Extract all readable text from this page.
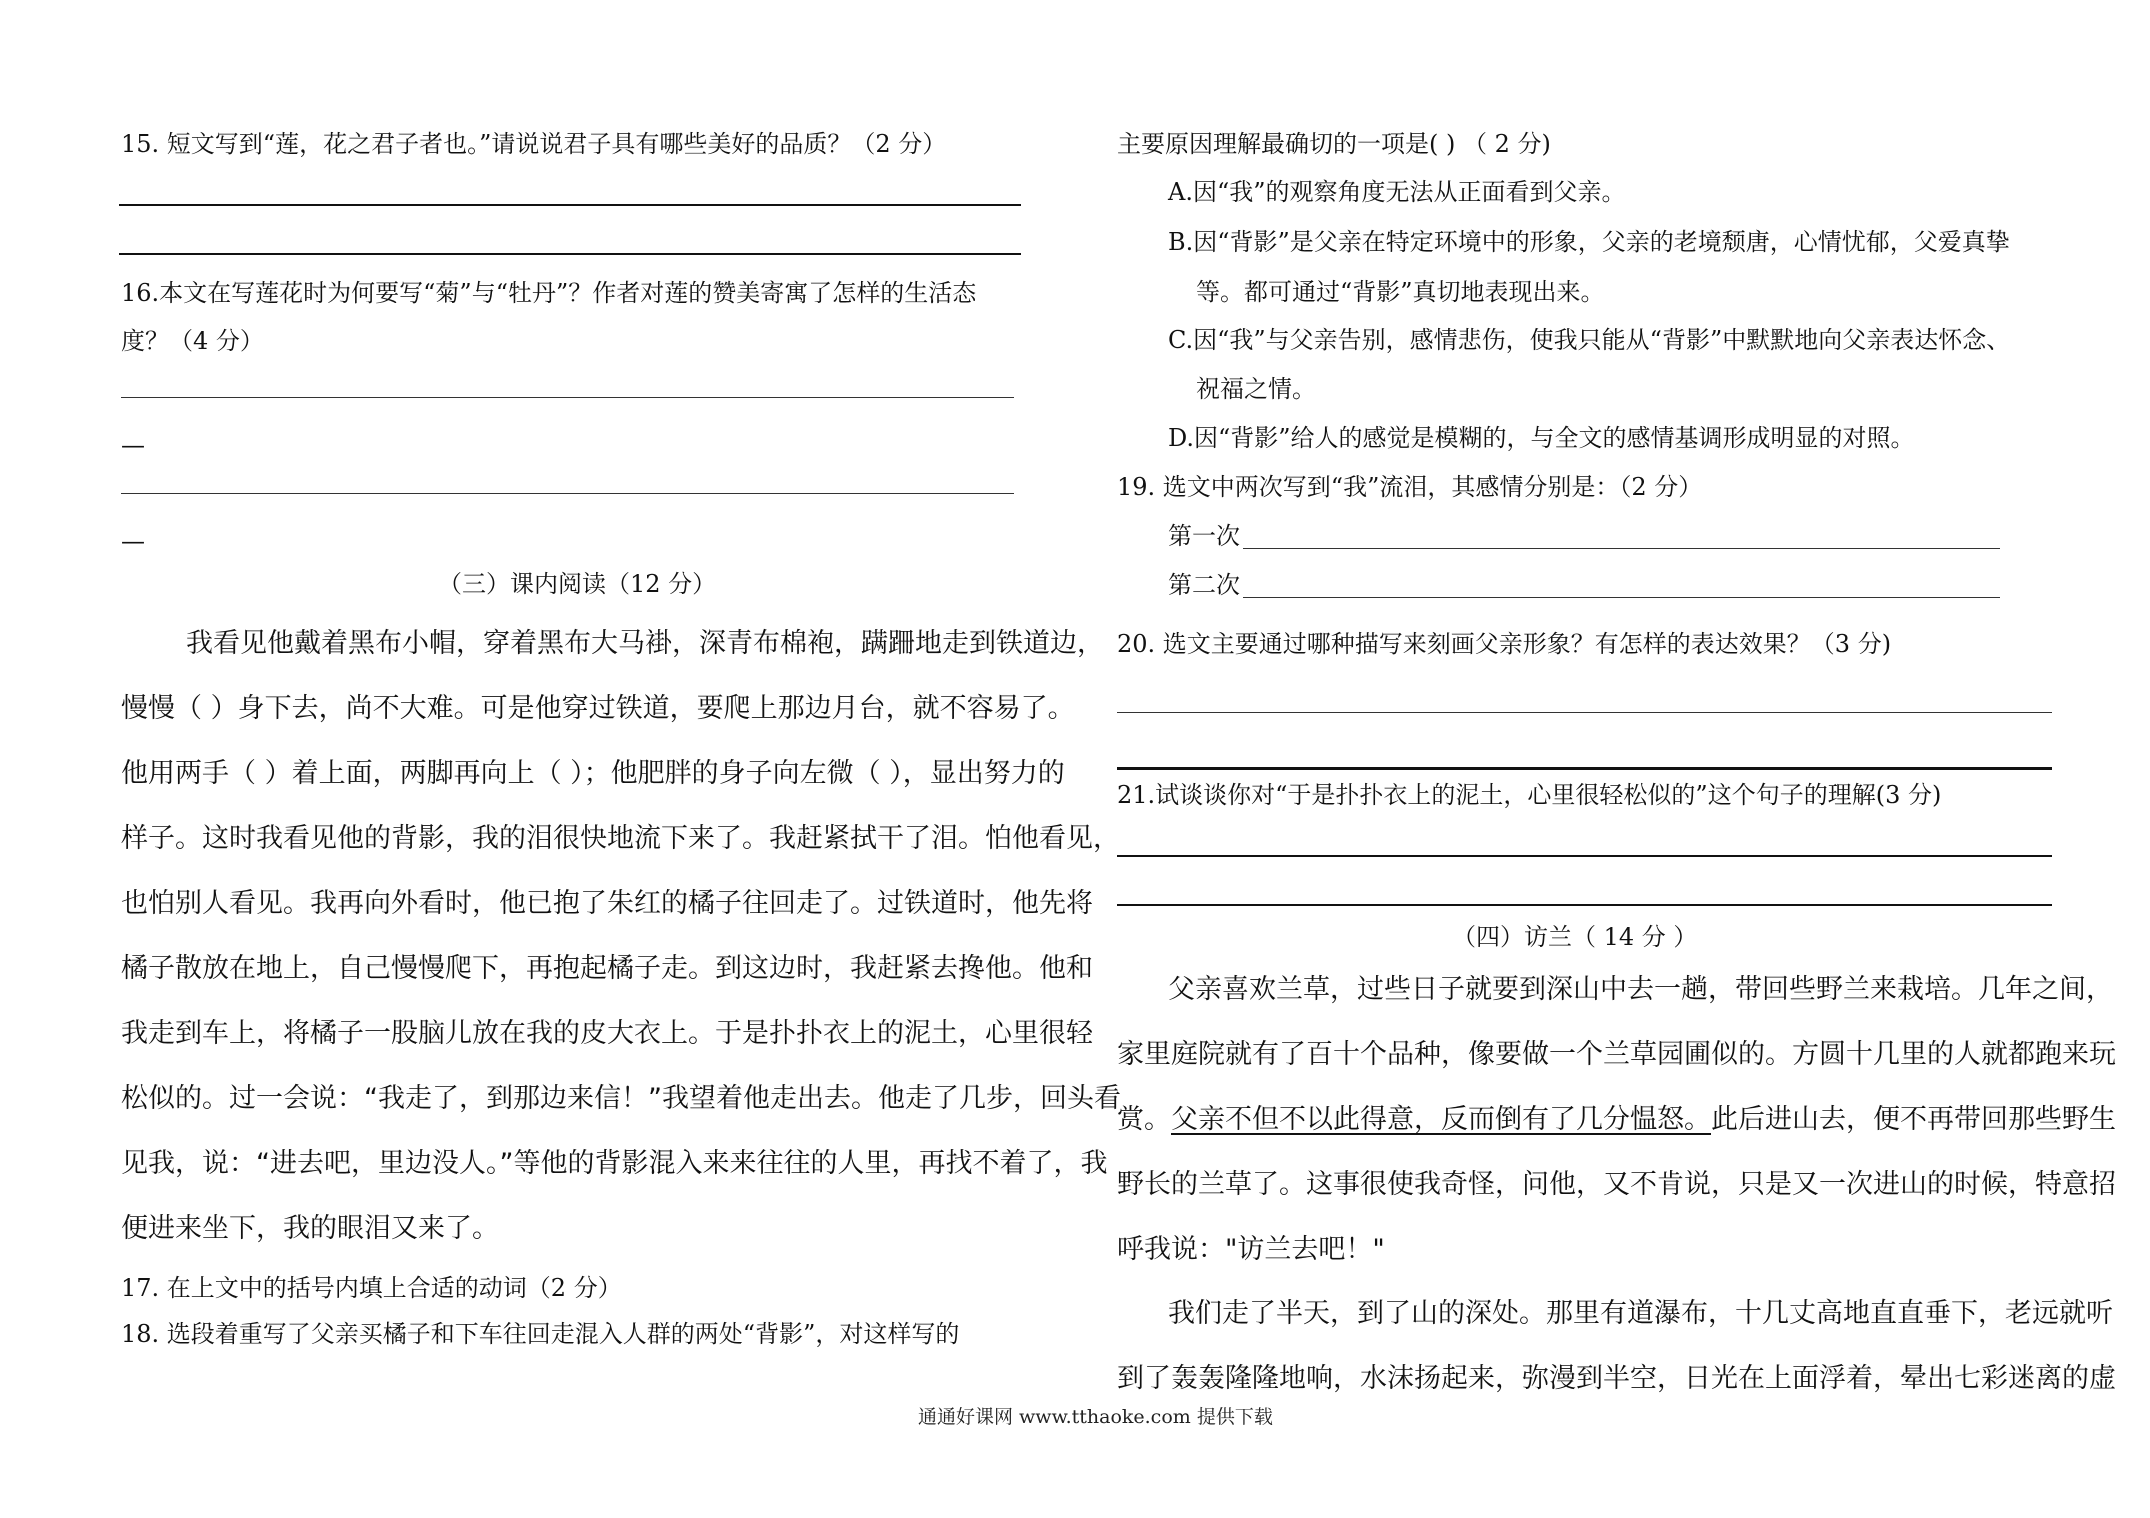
15. 短文写到“莲，花之君子者也。”请说说君子具有哪些美好的品质？（2 分）
16.本文在写莲花时为何要写“菊”与“牡丹”？作者对莲的赞美寄寓了怎样的生活态
度？（4 分）
—
—
（三）课内阅读（12 分）
我看见他戴着黑布小帽，穿着黑布大马褂，深青布棉袍，蹒跚地走到铁道边，
慢慢（ ）身下去，尚不大难。可是他穿过铁道，要爬上那边月台，就不容易了。
他用两手（ ）着上面，两脚再向上（ ）；他肥胖的身子向左微（ ），显出努力的
样子。这时我看见他的背影，我的泪很快地流下来了。我赶紧拭干了泪。怕他看见，
也怕别人看见。我再向外看时，他已抱了朱红的橘子往回走了。过铁道时，他先将
橘子散放在地上，自己慢慢爬下，再抱起橘子走。到这边时，我赶紧去搀他。他和
我走到车上，将橘子一股脑儿放在我的皮大衣上。于是扑扑衣上的泥土，心里很轻
松似的。过一会说：“我走了，到那边来信！”我望着他走出去。他走了几步，回头看
见我，说：“进去吧，里边没人。”等他的背影混入来来往往的人里，再找不着了，我
便进来坐下，我的眼泪又来了。
17. 在上文中的括号内填上合适的动词（2 分）
18. 选段着重写了父亲买橘子和下车往回走混入人群的两处“背影”，对这样写的
主要原因理解最确切的一项是( ) （ 2 分)
A.因“我”的观察角度无法从正面看到父亲。
B.因“背影”是父亲在特定环境中的形象，父亲的老境颓唐，心情忧郁，父爱真挚
等。都可通过“背影”真切地表现出来。
C.因“我”与父亲告别，感情悲伤，使我只能从“背影”中默默地向父亲表达怀念、
祝福之情。
D.因“背影”给人的感觉是模糊的，与全文的感情基调形成明显的对照。
19. 选文中两次写到“我”流泪，其感情分别是：（2 分）
第一次
第二次
20. 选文主要通过哪种描写来刻画父亲形象？有怎样的表达效果？（3 分)
21.试谈谈你对“于是扑扑衣上的泥土，心里很轻松似的”这个句子的理解(3 分)
（四）访兰（ 14 分 ）
父亲喜欢兰草，过些日子就要到深山中去一趟，带回些野兰来栽培。几年之间，
家里庭院就有了百十个品种，像要做一个兰草园圃似的。方圆十几里的人就都跑来玩
赏。父亲不但不以此得意，反而倒有了几分愠怒。此后进山去，便不再带回那些野生
野长的兰草了。这事很使我奇怪，问他，又不肯说，只是又一次进山的时候，特意招
呼我说："访兰去吧！"
我们走了半天，到了山的深处。那里有道瀑布，十几丈高地直直垂下，老远就听
到了轰轰隆隆地响，水沫扬起来，弥漫到半空，日光在上面浮着，晕出七彩迷离的虚
通通好课网 www.tthaoke.com 提供下载
